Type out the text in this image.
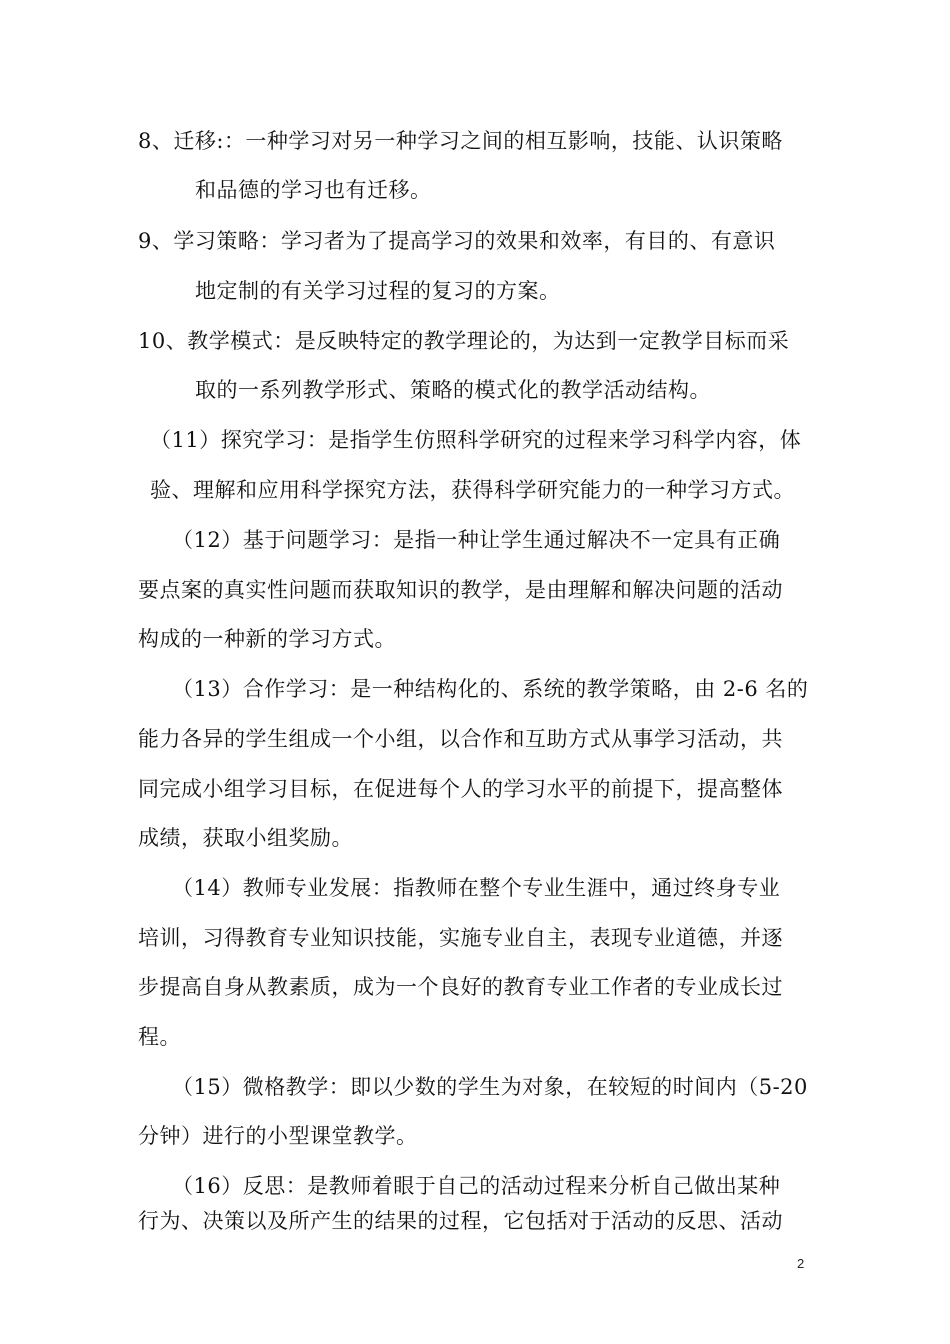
8、迁移:：一种学习对另一种学习之间的相互影响，技能、认识策略
和品德的学习也有迁移。
9、学习策略：学习者为了提高学习的效果和效率，有目的、有意识
地定制的有关学习过程的复习的方案。
10、教学模式：是反映特定的教学理论的，为达到一定教学目标而采
取的一系列教学形式、策略的模式化的教学活动结构。
（11）探究学习：是指学生仿照科学研究的过程来学习科学内容，体
验、理解和应用科学探究方法，获得科学研究能力的一种学习方式。
（12）基于问题学习：是指一种让学生通过解决不一定具有正确
要点案的真实性问题而获取知识的教学，是由理解和解决问题的活动
构成的一种新的学习方式。
（13）合作学习：是一种结构化的、系统的教学策略，由 2-6 名的
能力各异的学生组成一个小组，以合作和互助方式从事学习活动，共
同完成小组学习目标，在促进每个人的学习水平的前提下，提高整体
成绩，获取小组奖励。
（14）教师专业发展：指教师在整个专业生涯中，通过终身专业
培训，习得教育专业知识技能，实施专业自主，表现专业道德，并逐
步提高自身从教素质，成为一个良好的教育专业工作者的专业成长过
程。
（15）微格教学：即以少数的学生为对象，在较短的时间内（5-20
分钟）进行的小型课堂教学。
（16）反思：是教师着眼于自己的活动过程来分析自己做出某种
行为、决策以及所产生的结果的过程，它包括对于活动的反思、活动
2
